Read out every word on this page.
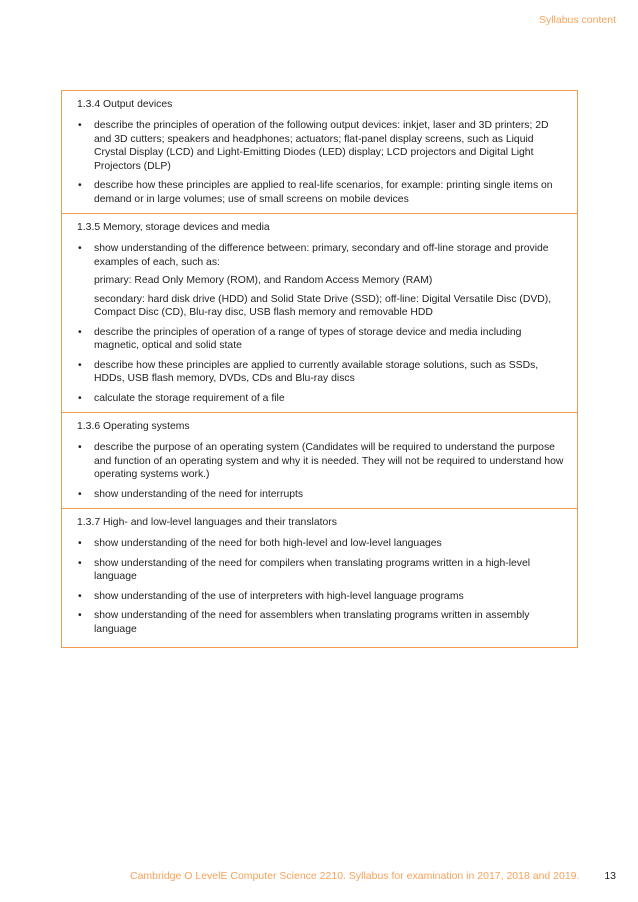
Syllabus content
1.3.4 Output devices
• describe the principles of operation of the following output devices: inkjet, laser and 3D printers; 2D and 3D cutters; speakers and headphones; actuators; flat-panel display screens, such as Liquid Crystal Display (LCD) and Light-Emitting Diodes (LED) display; LCD projectors and Digital Light Projectors (DLP)
• describe how these principles are applied to real-life scenarios, for example: printing single items on demand or in large volumes; use of small screens on mobile devices
1.3.5 Memory, storage devices and media
• show understanding of the difference between: primary, secondary and off-line storage and provide examples of each, such as:
primary: Read Only Memory (ROM), and Random Access Memory (RAM)
secondary: hard disk drive (HDD) and Solid State Drive (SSD); off-line: Digital Versatile Disc (DVD), Compact Disc (CD), Blu-ray disc, USB flash memory and removable HDD
• describe the principles of operation of a range of types of storage device and media including magnetic, optical and solid state
• describe how these principles are applied to currently available storage solutions, such as SSDs, HDDs, USB flash memory, DVDs, CDs and Blu-ray discs
• calculate the storage requirement of a file
1.3.6 Operating systems
• describe the purpose of an operating system (Candidates will be required to understand the purpose and function of an operating system and why it is needed. They will not be required to understand how operating systems work.)
• show understanding of the need for interrupts
1.3.7 High- and low-level languages and their translators
• show understanding of the need for both high-level and low-level languages
• show understanding of the need for compilers when translating programs written in a high-level language
• show understanding of the use of interpreters with high-level language programs
• show understanding of the need for assemblers when translating programs written in assembly language
Cambridge O LevelE Computer Science 2210. Syllabus for examination in 2017, 2018 and 2019. 13
